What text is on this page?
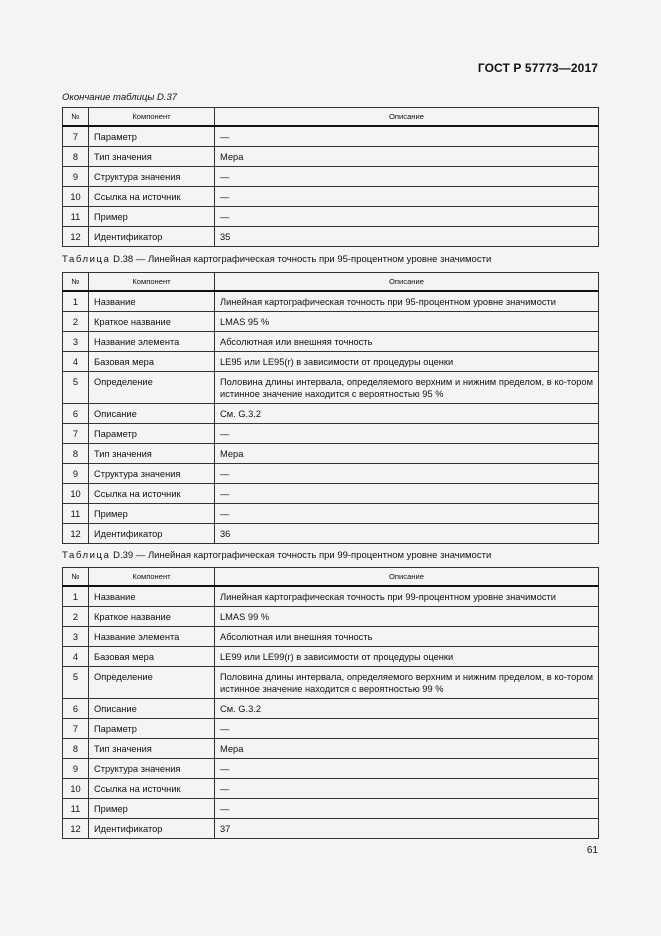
ГОСТ Р 57773—2017
Окончание таблицы D.37
№	Компонент	Описание
7	Параметр	—
8	Тип значения	Мера
9	Структура значения	—
10	Ссылка на источник	—
11	Пример	—
12	Идентификатор	35
Таблица D.38 — Линейная картографическая точность при 95-процентном уровне значимости
№	Компонент	Описание
1	Название	Линейная картографическая точность при 95-процентном уровне значимости
2	Краткое название	LMAS 95 %
3	Название элемента	Абсолютная или внешняя точность
4	Базовая мера	LE95 или LE95(r) в зависимости от процедуры оценки
5	Определение	Половина длины интервала, определяемого верхним и нижним пределом, в ко-тором истинное значение находится с вероятностью 95 %
6	Описание	См. G.3.2
7	Параметр	—
8	Тип значения	Мера
9	Структура значения	—
10	Ссылка на источник	—
11	Пример	—
12	Идентификатор	36
Таблица D.39 — Линейная картографическая точность при 99-процентном уровне значимости
№	Компонент	Описание
1	Название	Линейная картографическая точность при 99-процентном уровне значимости
2	Краткое название	LMAS 99 %
3	Название элемента	Абсолютная или внешняя точность
4	Базовая мера	LE99 или LE99(r) в зависимости от процедуры оценки
5	Определение	Половина длины интервала, определяемого верхним и нижним пределом, в ко-тором истинное значение находится с вероятностью 99 %
6	Описание	См. G.3.2
7	Параметр	—
8	Тип значения	Мера
9	Структура значения	—
10	Ссылка на источник	—
11	Пример	—
12	Идентификатор	37
61
